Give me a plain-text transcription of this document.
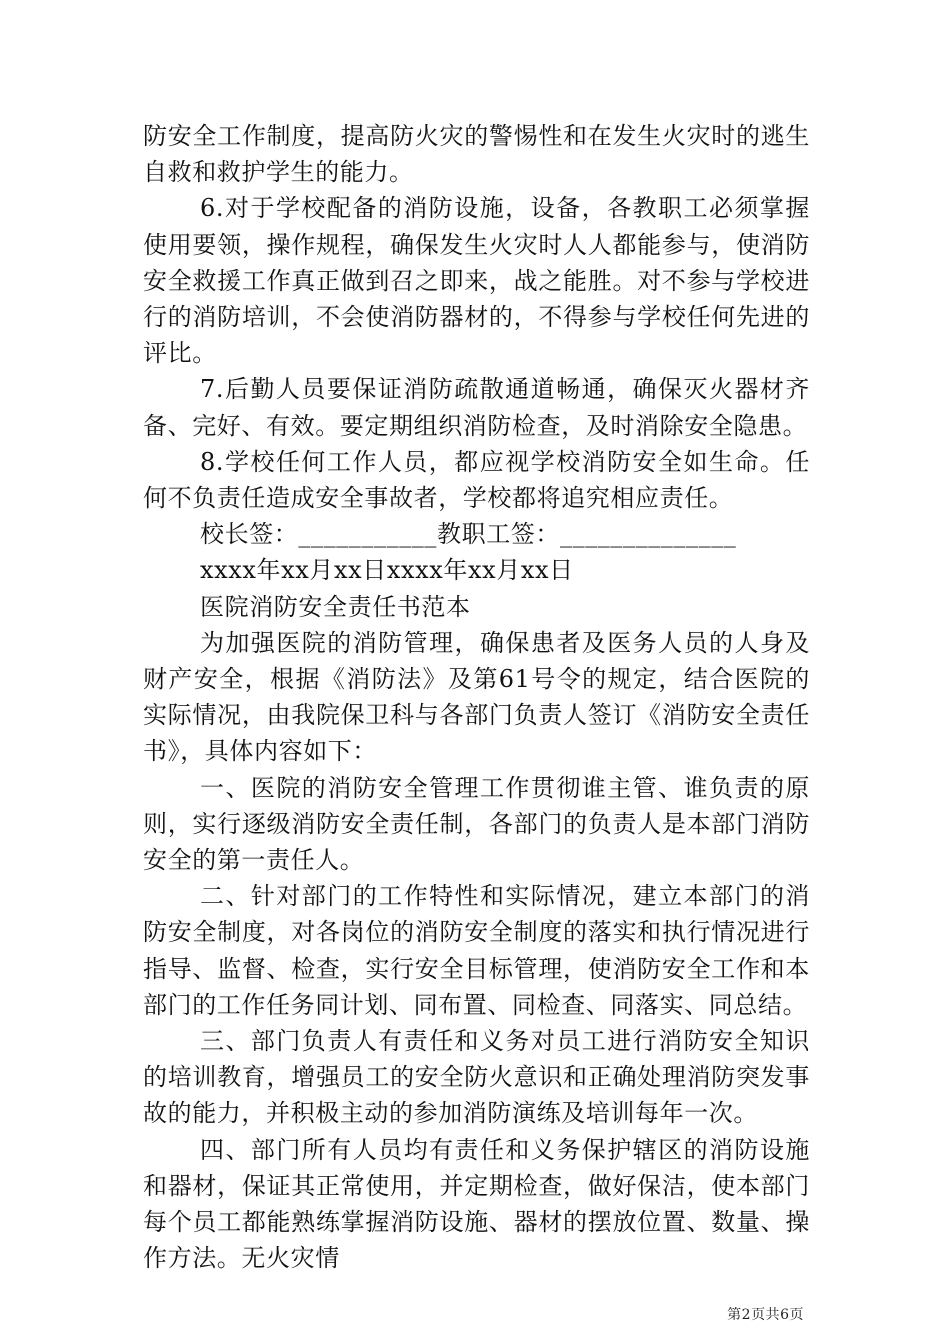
防安全工作制度，提高防火灾的警惕性和在发生火灾时的逃生自救和救护学生的能力。

6.对于学校配备的消防设施，设备，各教职工必须掌握使用要领，操作规程，确保发生火灾时人人都能参与，使消防安全救援工作真正做到召之即来，战之能胜。对不参与学校进行的消防培训，不会使消防器材的，不得参与学校任何先进的评比。

7.后勤人员要保证消防疏散通道畅通，确保灭火器材齐备、完好、有效。要定期组织消防检查，及时消除安全隐患。

8.学校任何工作人员，都应视学校消防安全如生命。任何不负责任造成安全事故者，学校都将追究相应责任。

校长签：___________教职工签：______________

xxxx年xx月xx日xxxx年xx月xx日

医院消防安全责任书范本

为加强医院的消防管理，确保患者及医务人员的人身及财产安全，根据《消防法》及第61号令的规定，结合医院的实际情况，由我院保卫科与各部门负责人签订《消防安全责任书》，具体内容如下：

一、医院的消防安全管理工作贯彻谁主管、谁负责的原则，实行逐级消防安全责任制，各部门的负责人是本部门消防安全的第一责任人。

二、针对部门的工作特性和实际情况，建立本部门的消防安全制度，对各岗位的消防安全制度的落实和执行情况进行指导、监督、检查，实行安全目标管理，使消防安全工作和本部门的工作任务同计划、同布置、同检查、同落实、同总结。

三、部门负责人有责任和义务对员工进行消防安全知识的培训教育，增强员工的安全防火意识和正确处理消防突发事故的能力，并积极主动的参加消防演练及培训每年一次。

四、部门所有人员均有责任和义务保护辖区的消防设施和器材，保证其正常使用，并定期检查，做好保洁，使本部门每个员工都能熟练掌握消防设施、器材的摆放位置、数量、操作方法。无火灾情

第2页共6页
